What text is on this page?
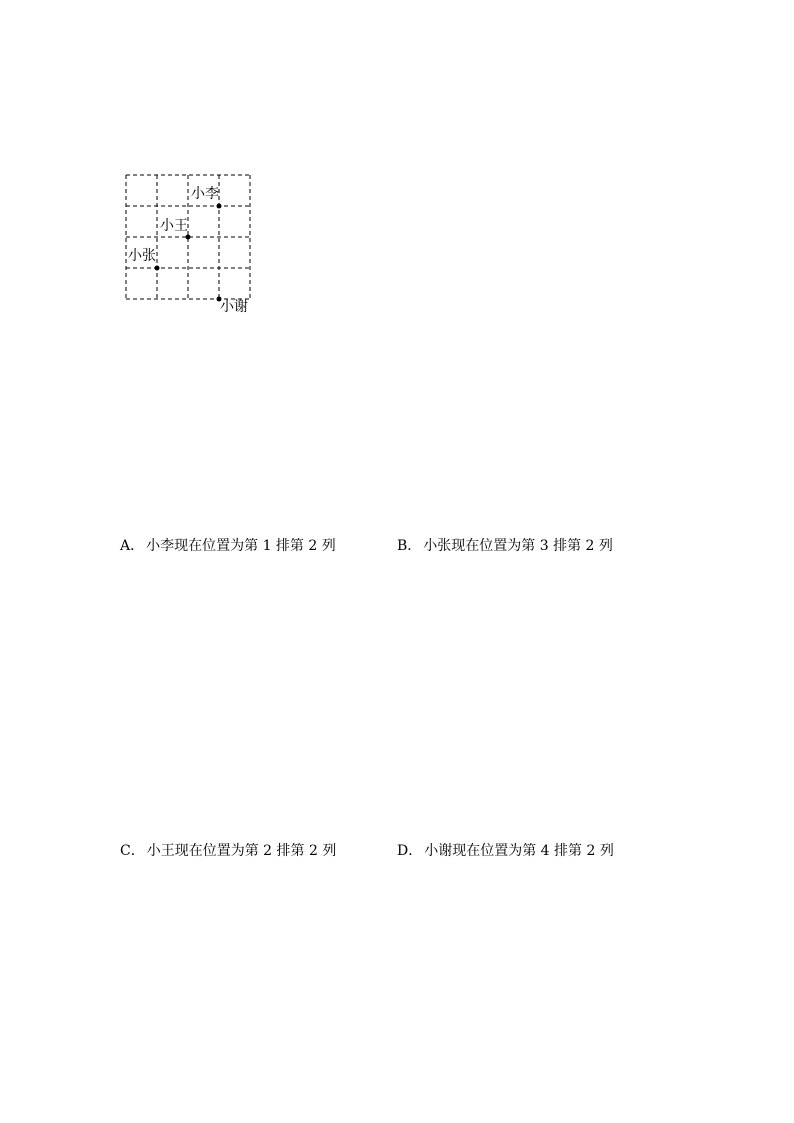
小李
小王
小张
小谢
A． 小李现在位置为第 1 排第 2 列	B． 小张现在位置为第 3 排第 2 列
C． 小王现在位置为第 2 排第 2 列	D． 小谢现在位置为第 4 排第 2 列
